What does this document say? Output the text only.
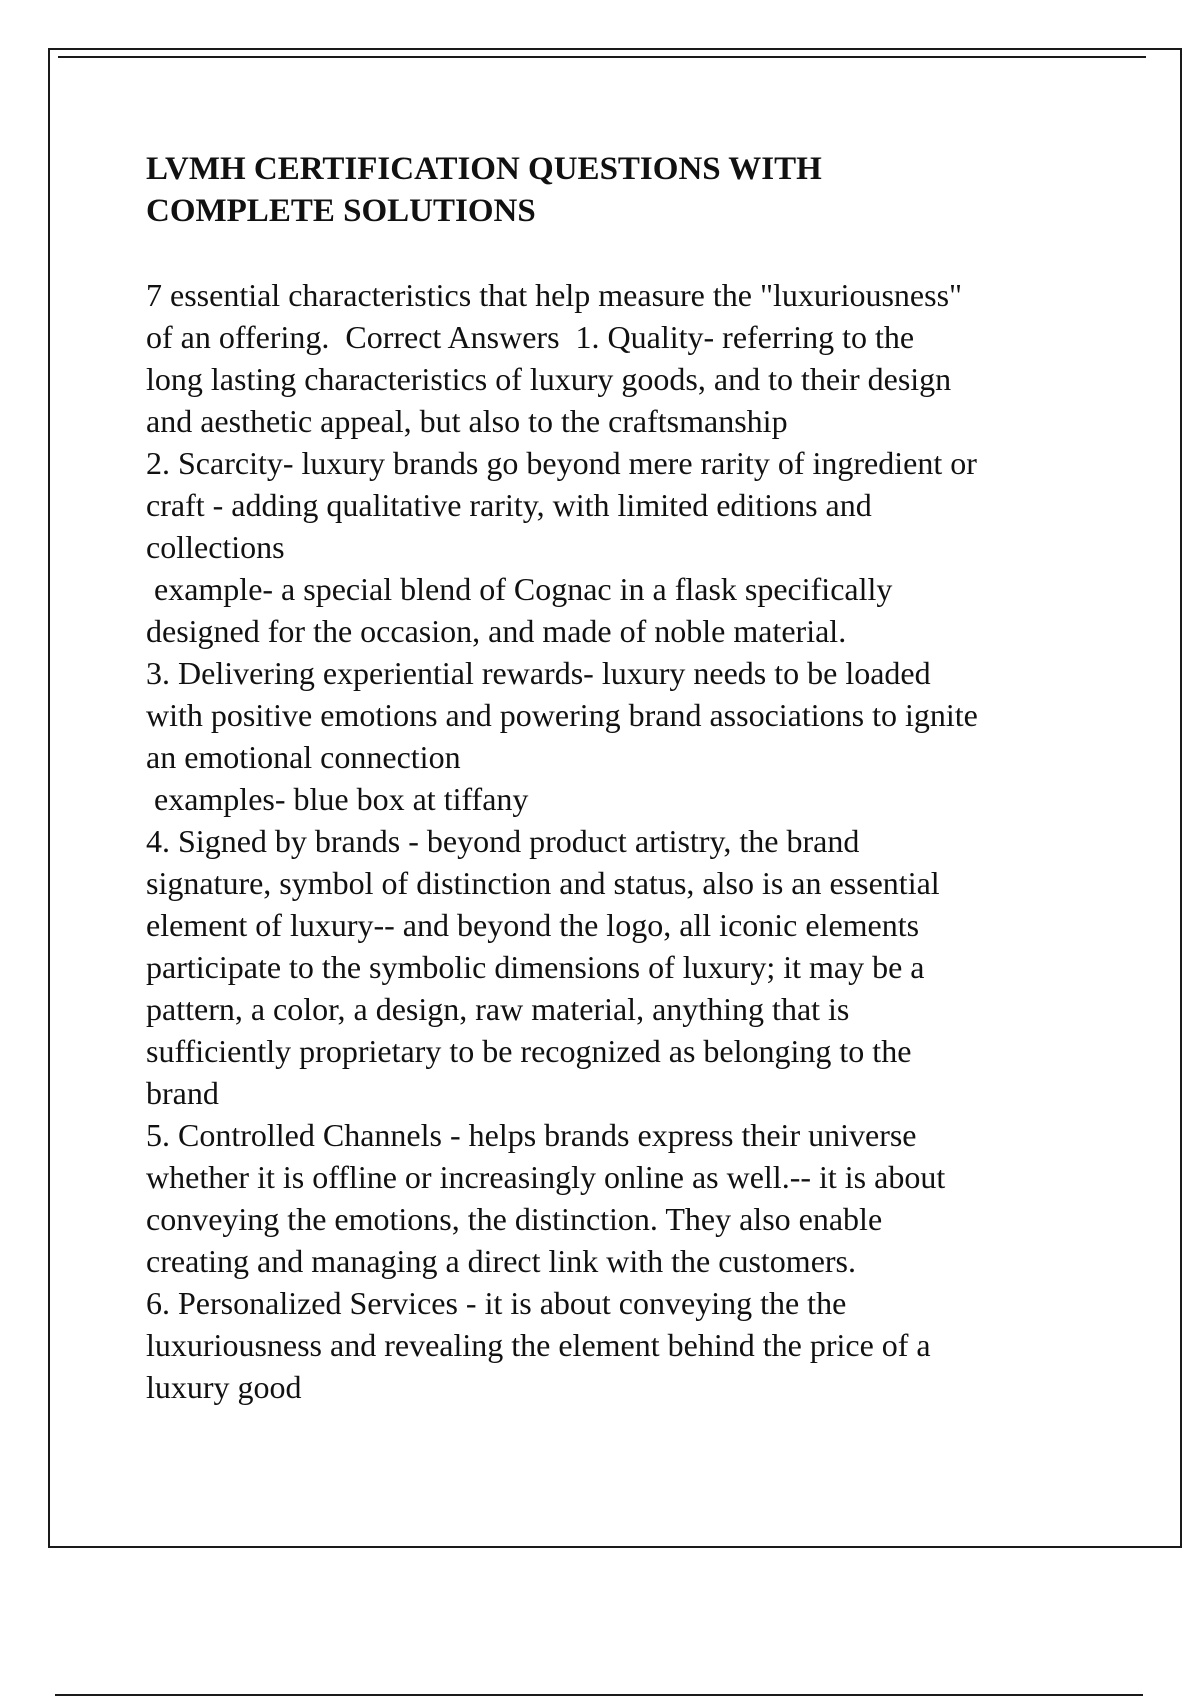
LVMH CERTIFICATION QUESTIONS WITH
COMPLETE SOLUTIONS
7 essential characteristics that help measure the "luxuriousness"
of an offering.  Correct Answers  1. Quality- referring to the
long lasting characteristics of luxury goods, and to their design
and aesthetic appeal, but also to the craftsmanship
2. Scarcity- luxury brands go beyond mere rarity of ingredient or
craft - adding qualitative rarity, with limited editions and
collections
example- a special blend of Cognac in a flask specifically
designed for the occasion, and made of noble material.
3. Delivering experiential rewards- luxury needs to be loaded
with positive emotions and powering brand associations to ignite
an emotional connection
examples- blue box at tiffany
4. Signed by brands - beyond product artistry, the brand
signature, symbol of distinction and status, also is an essential
element of luxury-- and beyond the logo, all iconic elements
participate to the symbolic dimensions of luxury; it may be a
pattern, a color, a design, raw material, anything that is
sufficiently proprietary to be recognized as belonging to the
brand
5. Controlled Channels - helps brands express their universe
whether it is offline or increasingly online as well.-- it is about
conveying the emotions, the distinction. They also enable
creating and managing a direct link with the customers.
6. Personalized Services - it is about conveying the the
luxuriousness and revealing the element behind the price of a
luxury good
